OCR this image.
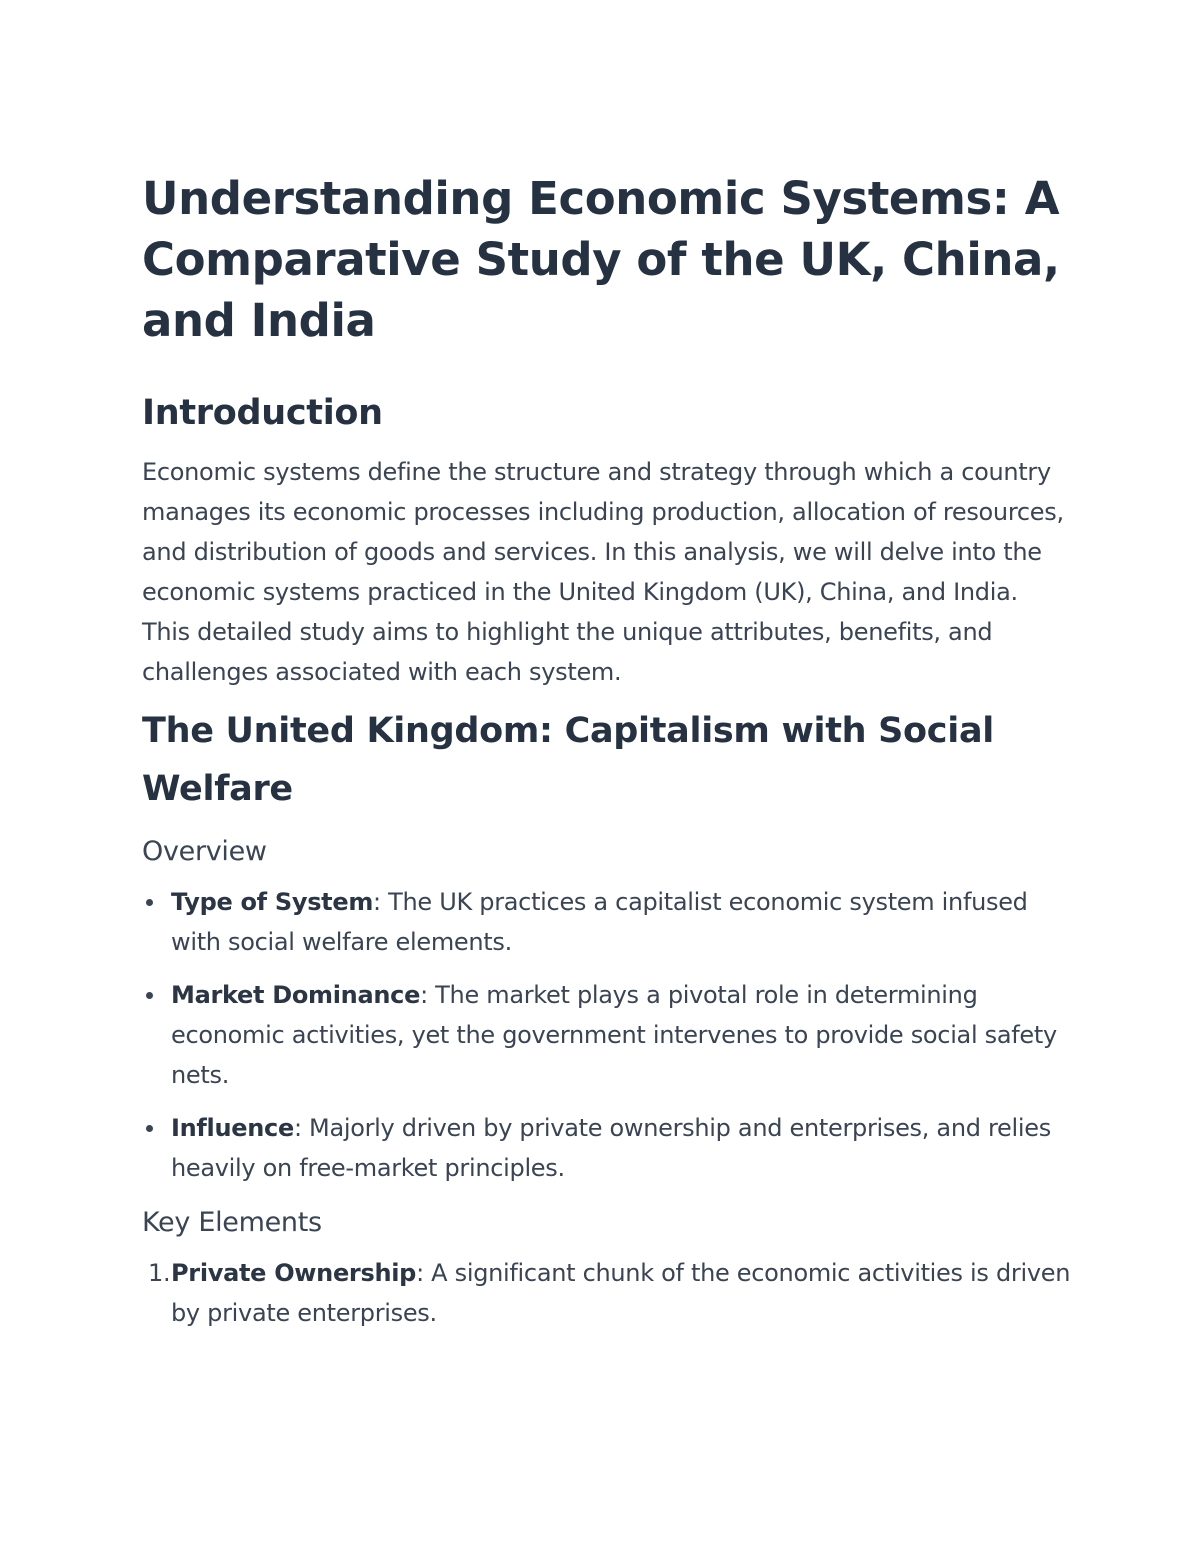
Understanding Economic Systems: A Comparative Study of the UK, China, and India
Introduction

Economic systems define the structure and strategy through which a country manages its economic processes including production, allocation of resources, and distribution of goods and services. In this analysis, we will delve into the economic systems practiced in the United Kingdom (UK), China, and India. This detailed study aims to highlight the unique attributes, benefits, and challenges associated with each system.

The United Kingdom: Capitalism with Social Welfare
Overview
Type of System: The UK practices a capitalist economic system infused with social welfare elements.
Market Dominance: The market plays a pivotal role in determining economic activities, yet the government intervenes to provide social safety nets.
Influence: Majorly driven by private ownership and enterprises, and relies heavily on free-market principles.
Key Elements
1. Private Ownership: A significant chunk of the economic activities is driven by private enterprises.
